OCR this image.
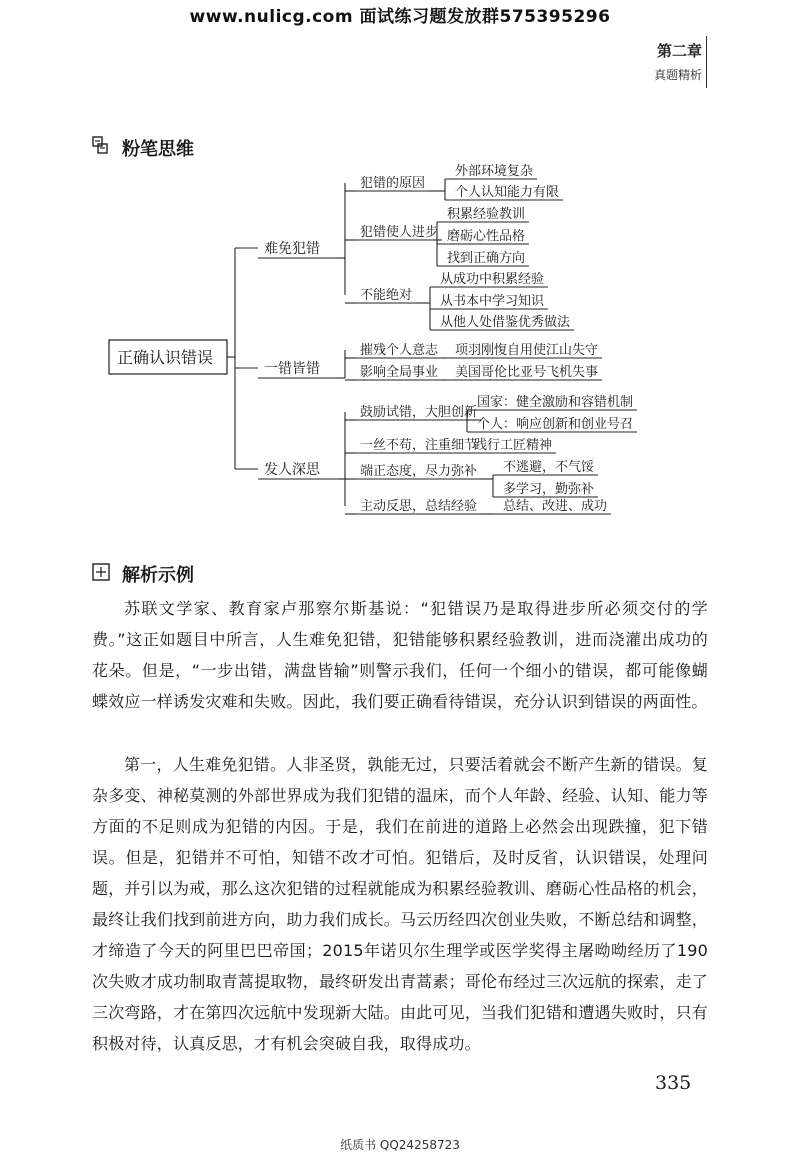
www.nulicg.com 面试练习题发放群575395296
第二章
真题精析
粉笔思维
正确认识错误
难免犯错
犯错的原因
外部环境复杂
个人认知能力有限
犯错使人进步
积累经验教训
磨砺心性品格
找到正确方向
不能绝对
从成功中积累经验
从书本中学习知识
从他人处借鉴优秀做法
一错皆错
摧残个人意志 项羽刚愎自用使江山失守
影响全局事业 美国哥伦比亚号飞机失事
发人深思
鼓励试错，大胆创新
国家：健全激励和容错机制
个人：响应创新和创业号召
一丝不苟，注重细节
践行工匠精神
端正态度，尽力弥补 不逃避，不气馁
多学习，勤弥补
主动反思，总结经验 总结、改进、成功
解析示例
苏联文学家、教育家卢那察尔斯基说：“犯错误乃是取得进步所必须交付的学费。”这正如题目中所言，人生难免犯错，犯错能够积累经验教训，进而浇灌出成功的花朵。但是，“一步出错，满盘皆输”则警示我们，任何一个细小的错误，都可能像蝴蝶效应一样诱发灾难和失败。因此，我们要正确看待错误，充分认识到错误的两面性。
第一，人生难免犯错。人非圣贤，孰能无过，只要活着就会不断产生新的错误。复杂多变、神秘莫测的外部世界成为我们犯错的温床，而个人年龄、经验、认知、能力等方面的不足则成为犯错的内因。于是，我们在前进的道路上必然会出现跌撞，犯下错误。但是，犯错并不可怕，知错不改才可怕。犯错后，及时反省，认识错误，处理问题，并引以为戒，那么这次犯错的过程就能成为积累经验教训、磨砺心性品格的机会，最终让我们找到前进方向，助力我们成长。马云历经四次创业失败，不断总结和调整，才缔造了今天的阿里巴巴帝国；2015年诺贝尔生理学或医学奖得主屠呦呦经历了190次失败才成功制取青蒿提取物，最终研发出青蒿素；哥伦布经过三次远航的探索，走了三次弯路，才在第四次远航中发现新大陆。由此可见，当我们犯错和遭遇失败时，只有积极对待，认真反思，才有机会突破自我，取得成功。
335
纸质书 QQ24258723
